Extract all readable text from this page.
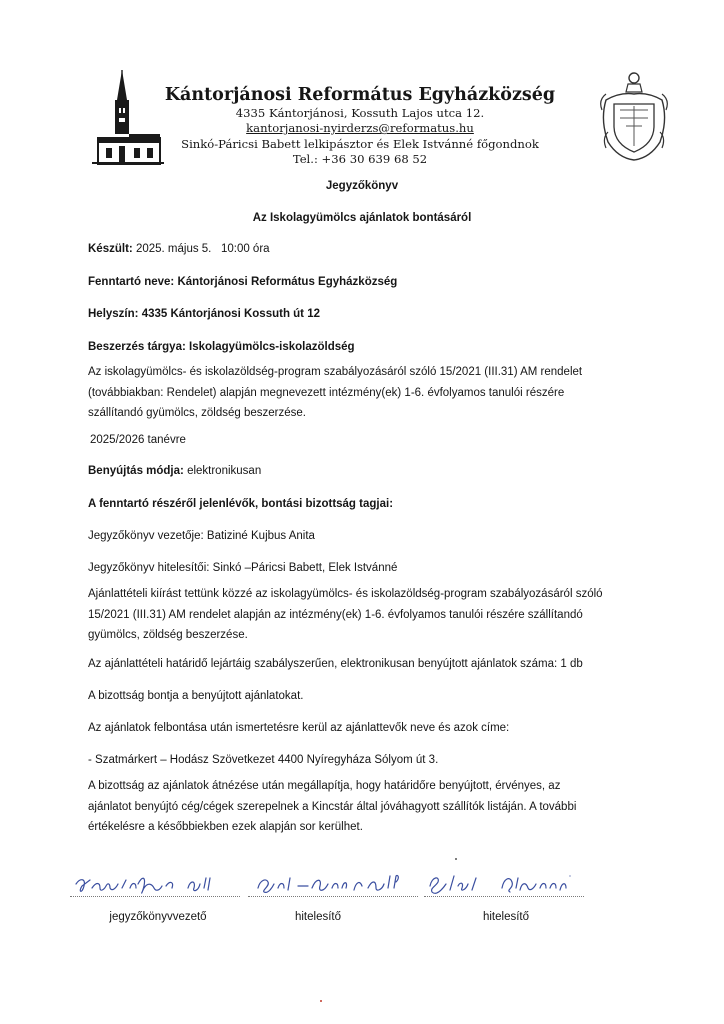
Kántorjánosi Református Egyházközség
4335 Kántorjánosi, Kossuth Lajos utca 12.
kantorjanosi-nyirderzs@reformatus.hu
Sinkó-Páricsi Babett lelkipásztor és Elek Istvánné főgondnok
Tel.: +36 30 639 68 52
Jegyzőkönyv
Az Iskolagyümölcs ajánlatok bontásáról
Készült: 2025. május 5.   10:00 óra
Fenntartó neve: Kántorjánosi Református Egyházközség
Helyszín: 4335 Kántorjánosi Kossuth út 12
Beszerzés tárgya: Iskolagyümölcs-iskolazöldség
Az iskolagyümölcs- és iskolazöldség-program szabályozásáról szóló 15/2021 (III.31) AM rendelet
(továbbiakban: Rendelet) alapján megnevezett intézmény(ek) 1-6. évfolyamos tanulói részére
szállítandó gyümölcs, zöldség beszerzése.
2025/2026 tanévre
Benyújtás módja: elektronikusan
A fenntartó részéről jelenlévők, bontási bizottság tagjai:
Jegyzőkönyv vezetője: Batiziné Kujbus Anita
Jegyzőkönyv hitelesítői: Sinkó –Páricsi Babett, Elek Istvánné
Ajánlattételi kiírást tettünk közzé az iskolagyümölcs- és iskolazöldség-program szabályozásáról szóló
15/2021 (III.31) AM rendelet alapján az intézmény(ek) 1-6. évfolyamos tanulói részére szállítandó
gyümölcs, zöldség beszerzése.
Az ajánlattételi határidő lejártáig szabályszerűen, elektronikusan benyújtott ajánlatok száma: 1 db
A bizottság bontja a benyújtott ajánlatokat.
Az ajánlatok felbontása után ismertetésre kerül az ajánlattevők neve és azok címe:
- Szatmárkert – Hodász Szövetkezet 4400 Nyíregyháza Sólyom út 3.
A bizottság az ajánlatok átnézése után megállapítja, hogy határidőre benyújtott, érvényes, az
ajánlatot benyújtó cég/cégek szerepelnek a Kincstár által jóváhagyott szállítók listáján. A további
értékelésre a későbbiekben ezek alapján sor kerülhet.
jegyzőkönyvvezető	hitelesítő	hitelesítő
